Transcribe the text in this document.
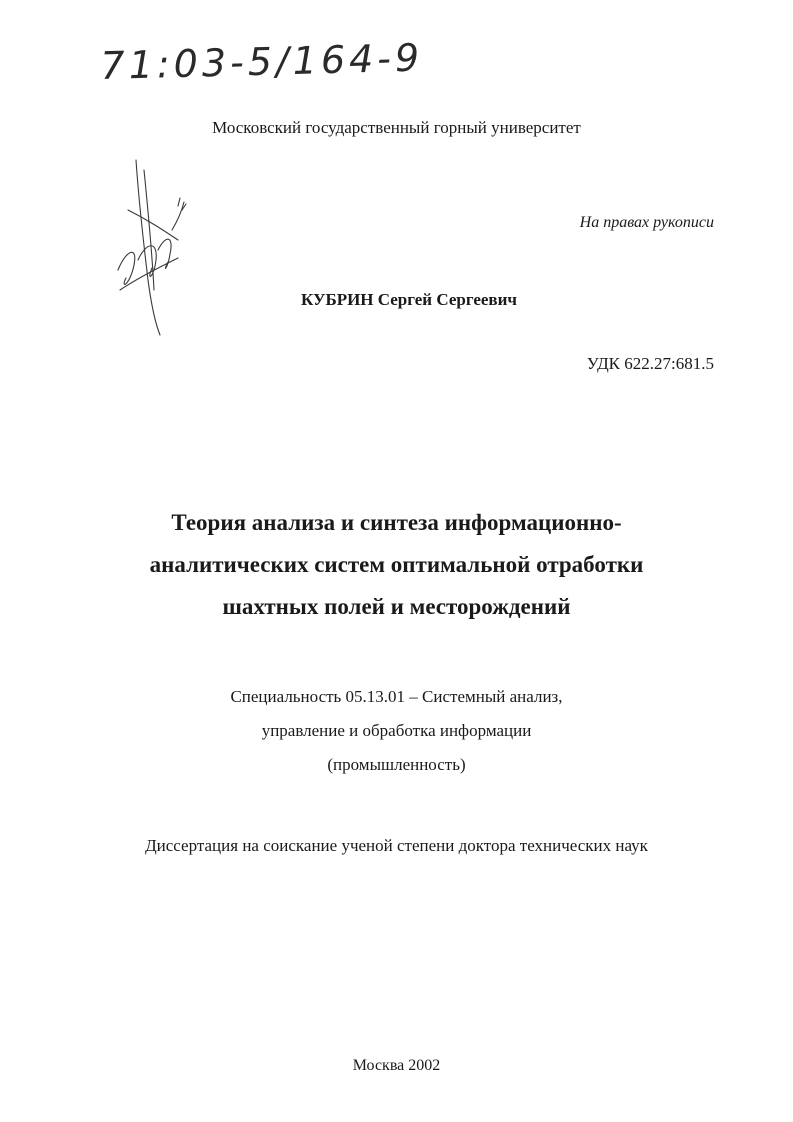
71:03-5/164-9
Московский государственный горный университет
На правах рукописи
КУБРИН Сергей Сергеевич
УДК 622.27:681.5
Теория анализа и синтеза информационно-
аналитических систем оптимальной отработки
шахтных полей и месторождений
Специальность 05.13.01 – Системный анализ,
управление и обработка информации
(промышленность)
Диссертация на соискание ученой степени доктора технических наук
Москва 2002
